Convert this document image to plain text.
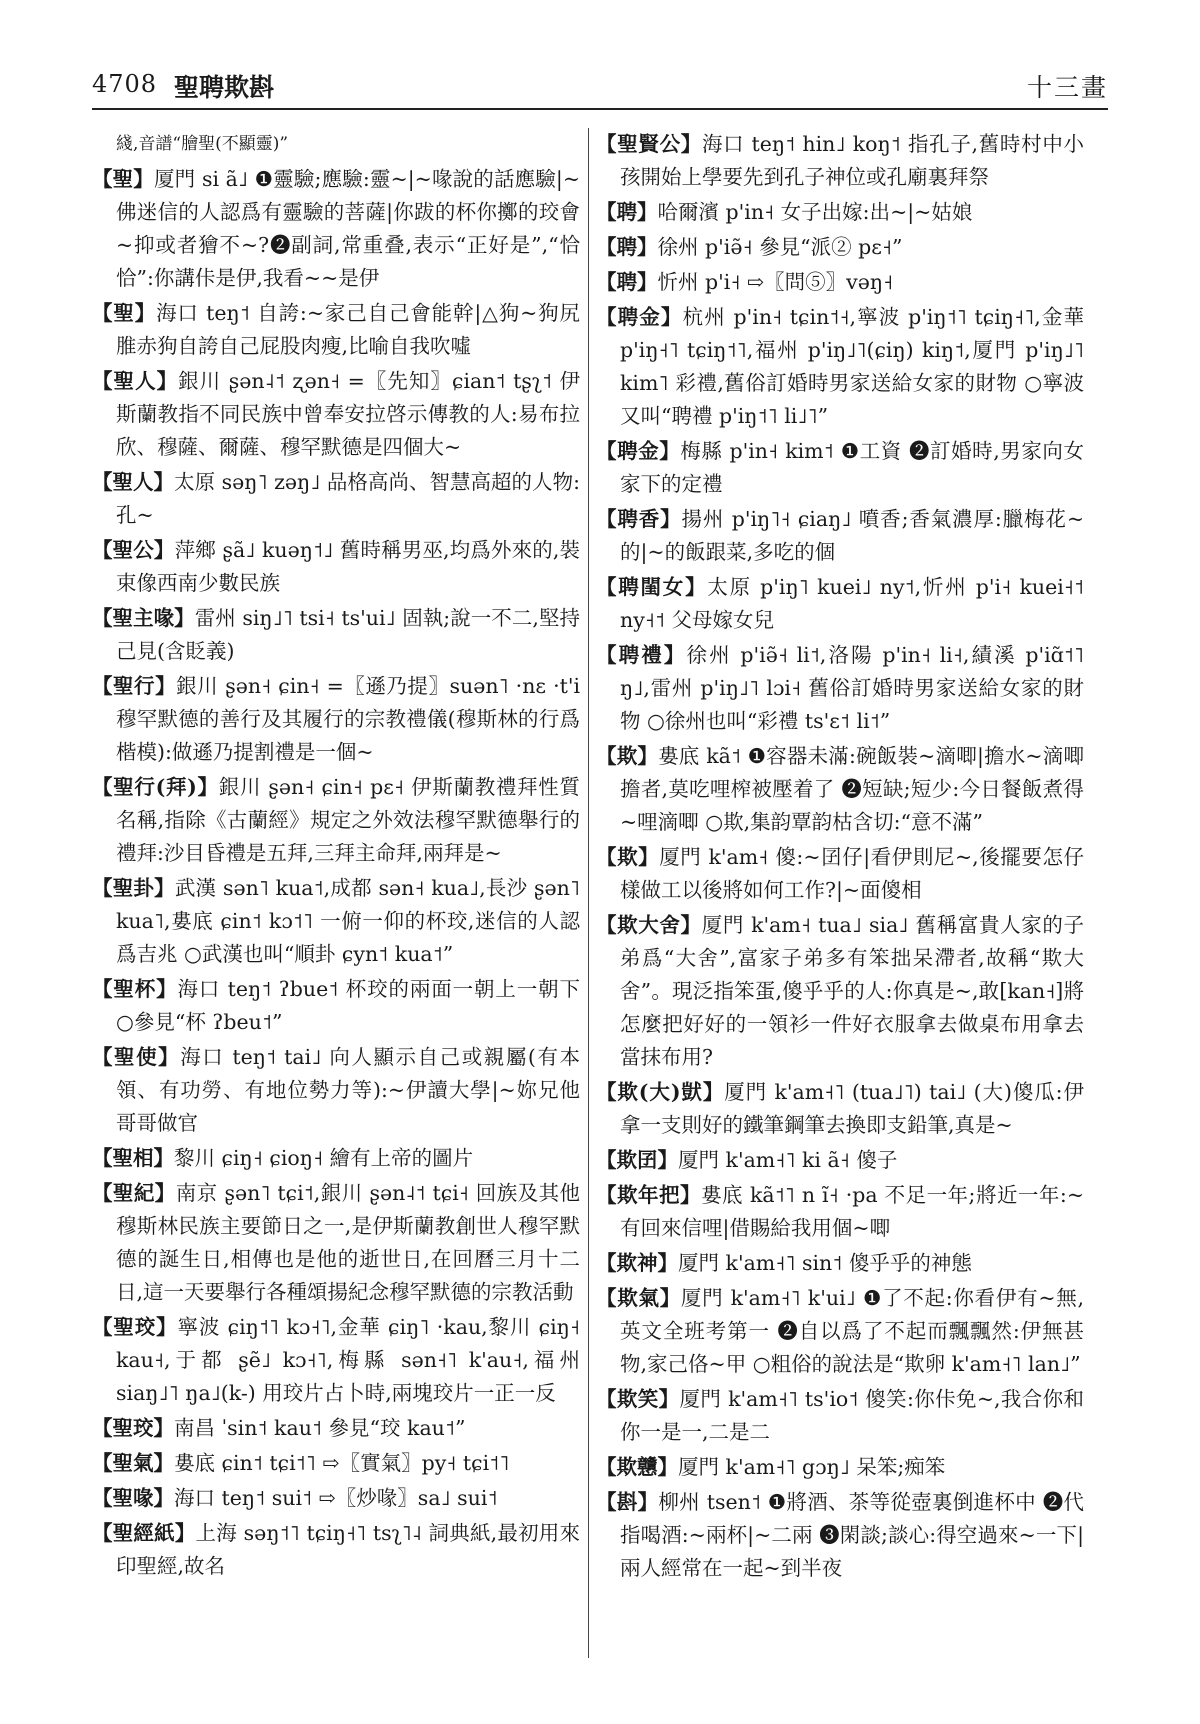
4708 聖聘欺斟	十三畫

綫,音譜“膾聖(不顯靈)”

【聖】厦門 si ã˩ ❶靈驗;應驗:靈~|~喙說的話應驗|~佛迷信的人認爲有靈驗的菩薩|你跋的杯你擲的珓會~抑或者獪不~?❷副詞,常重叠,表示“正好是”,“恰恰”:你講佧是伊,我看~~是伊

【聖】海口 teŋ˦ 自誇:~家己自己會能幹|△狗~狗尻脽赤狗自誇自己屁股肉瘦,比喻自我吹噓

【聖人】銀川 ʂən˨˦ ʐən˧ =〖先知〗ɕian˦ tʂʅ˦ 伊斯蘭教指不同民族中曾奉安拉啓示傳教的人:易布拉欣、穆薩、爾薩、穆罕默德是四個大~

【聖人】太原 səŋ˥ zəŋ˩ 品格高尚、智慧高超的人物:孔~

【聖公】萍鄉 ʂã˩ kuəŋ˦˩ 舊時稱男巫,均爲外來的,裝束像西南少數民族

【聖主喙】雷州 siŋ˩˥ tsi˧ ts'ui˩ 固執;說一不二,堅持己見(含貶義)

【聖行】銀川 ʂən˧ ɕin˧ =〖遜乃提〗suən˥ ·nɛ ·t'i 穆罕默德的善行及其履行的宗教禮儀(穆斯林的行爲楷模):做遜乃提割禮是一個~

【聖行(拜)】銀川 ʂən˧ ɕin˧ pɛ˧ 伊斯蘭教禮拜性質名稱,指除《古蘭經》規定之外效法穆罕默德舉行的禮拜:沙目昏禮是五拜,三拜主命拜,兩拜是~

【聖卦】武漢 sən˥ kua˦,成都 sən˧ kua˩,長沙 ʂən˥ kua˥,婁底 ɕin˦ kɔ˦˥ 一俯一仰的杯珓,迷信的人認爲吉兆 ○武漢也叫“順卦 ɕyn˦ kua˦”

【聖杯】海口 teŋ˦ ʔbue˦ 杯珓的兩面一朝上一朝下 ○參見“杯 ʔbeu˦”

【聖使】海口 teŋ˦ tai˩ 向人顯示自己或親屬(有本領、有功勞、有地位勢力等):~伊讀大學|~妳兄他哥哥做官

【聖相】黎川 ɕiŋ˧ ɕioŋ˧ 繪有上帝的圖片

【聖紀】南京 ʂən˥ tɕi˦,銀川 ʂən˨˦ tɕi˧ 回族及其他穆斯林民族主要節日之一,是伊斯蘭教創世人穆罕默德的誕生日,相傳也是他的逝世日,在回曆三月十二日,這一天要舉行各種頌揚紀念穆罕默德的宗教活動

【聖珓】寧波 ɕiŋ˦˥ kɔ˧˥,金華 ɕiŋ˥ ·kau,黎川 ɕiŋ˧ kau˧,于都 ʂẽ˩ kɔ˧˥,梅縣 sən˧˥ k'au˧,福州 siaŋ˩˥ ŋa˩(k-) 用珓片占卜時,兩塊珓片一正一反

【聖珓】南昌 ˈsin˦ kau˦ 參見“珓 kau˦”

【聖氣】婁底 ɕin˦ tɕi˦˥ ⇨〖實氣〗py˧ tɕi˦˥

【聖喙】海口 teŋ˦ sui˦ ⇨〖炒喙〗sa˩ sui˦

【聖經紙】上海 səŋ˦˥ tɕiŋ˧˥ tsʅ˥˨ 詞典紙,最初用來印聖經,故名

【聖賢公】海口 teŋ˦ hin˩ koŋ˦ 指孔子,舊時村中小孩開始上學要先到孔子神位或孔廟裏拜祭

【聘】哈爾濱 p'in˧ 女子出嫁:出~|~姑娘

【聘】徐州 p'iə̃˧ 參見“派② pɛ˧”

【聘】忻州 p'i˧ ⇨〖問⑤〗vəŋ˧

【聘金】杭州 p'in˧ tɕin˦˧,寧波 p'iŋ˦˥ tɕiŋ˧˥,金華 p'iŋ˧˥ tɕiŋ˦˥,福州 p'iŋ˩˥(ɕiŋ) kiŋ˦,厦門 p'iŋ˩˥ kim˥ 彩禮,舊俗訂婚時男家送給女家的財物 ○寧波又叫“聘禮 p'iŋ˦˥ li˩˥”

【聘金】梅縣 p'in˧ kim˦ ❶工資 ❷訂婚時,男家向女家下的定禮

【聘香】揚州 p'iŋ˥˧ ɕiaŋ˩ 噴香;香氣濃厚:臘梅花~的|~的飯跟菜,多吃的個

【聘閨女】太原 p'iŋ˥ kuei˩ ny˦,忻州 p'i˧ kuei˧˦ ny˧˦ 父母嫁女兒

【聘禮】徐州 p'iə̃˧ li˦,洛陽 p'in˧ li˧,績溪 p'iɑ̃˦˥ ŋ˩,雷州 p'iŋ˩˥ lɔi˧ 舊俗訂婚時男家送給女家的財物 ○徐州也叫“彩禮 ts'ɛ˦ li˦”

【欺】婁底 kã˦ ❶容器未滿:碗飯裝~滴唧|擔水~滴唧擔者,莫吃哩榨被壓着了 ❷短缺;短少:今日餐飯煮得~哩滴唧 ○欺,集韵覃韵枯含切:“意不滿”

【欺】厦門 k'am˧ 傻:~囝仔|看伊則尼~,後擺要怎仔樣做工以後將如何工作?|~面傻相

【欺大舍】厦門 k'am˧ tua˩ sia˩ 舊稱富貴人家的子弟爲“大舍”,富家子弟多有笨拙呆滯者,故稱“欺大舍”。現泛指笨蛋,傻乎乎的人:你真是~,敢[kan˧]將怎麼把好好的一領衫一件好衣服拿去做桌布用拿去當抹布用?

【欺(大)獃】厦門 k'am˧˥ (tua˩˥) tai˩ (大)傻瓜:伊拿一支則好的鐵筆鋼筆去換即支鉛筆,真是~

【欺囝】厦門 k'am˧˥ ki ã˧ 傻子

【欺年把】婁底 kã˦˥ n ĩ˧ ·pa 不足一年;將近一年:~有回來信哩|借賜給我用個~唧

【欺神】厦門 k'am˧˥ sin˦ 傻乎乎的神態

【欺氣】厦門 k'am˧˥ k'ui˩ ❶了不起:你看伊有~無,英文全班考第一 ❷自以爲了不起而飄飄然:伊無甚物,家己佫~甲 ○粗俗的說法是“欺卵 k'am˧˥ lan˩”

【欺笑】厦門 k'am˧˥ ts'io˦ 傻笑:你佧免~,我合你和你一是一,二是二

【欺戇】厦門 k'am˧˥ gɔŋ˩ 呆笨;痴笨

【斟】柳州 tsen˦ ❶將酒、茶等從壺裏倒進杯中 ❷代指喝酒:~兩杯|~二兩 ❸閑談;談心:得空過來~一下|兩人經常在一起~到半夜
